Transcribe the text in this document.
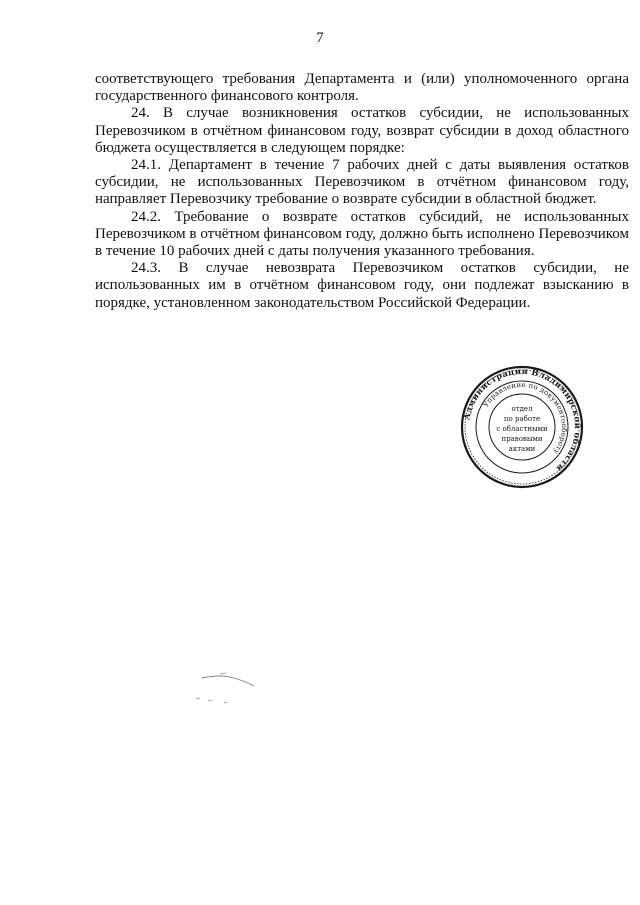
7

соответствующего требования Департамента и (или) уполномоченного органа государственного финансового контроля.

24. В случае возникновения остатков субсидии, не использованных Перевозчиком в отчётном финансовом году, возврат субсидии в доход областного бюджета осуществляется в следующем порядке:

24.1. Департамент в течение 7 рабочих дней с даты выявления остатков субсидии, не использованных Перевозчиком в отчётном финансовом году, направляет Перевозчику требование о возврате субсидии в областной бюджет.

24.2. Требование о возврате остатков субсидий, не использованных Перевозчиком в отчётном финансовом году, должно быть исполнено Перевозчиком в течение 10 рабочих дней с даты получения указанного требования.

24.3. В случае невозврата Перевозчиком остатков субсидии, не использованных им в отчётном финансовом году, они подлежат взысканию в порядке, установленном законодательством Российской Федерации.

Администрация Владимирской области
Управление по документообороту
отдел
по работе
с областными
правовыми
актами
